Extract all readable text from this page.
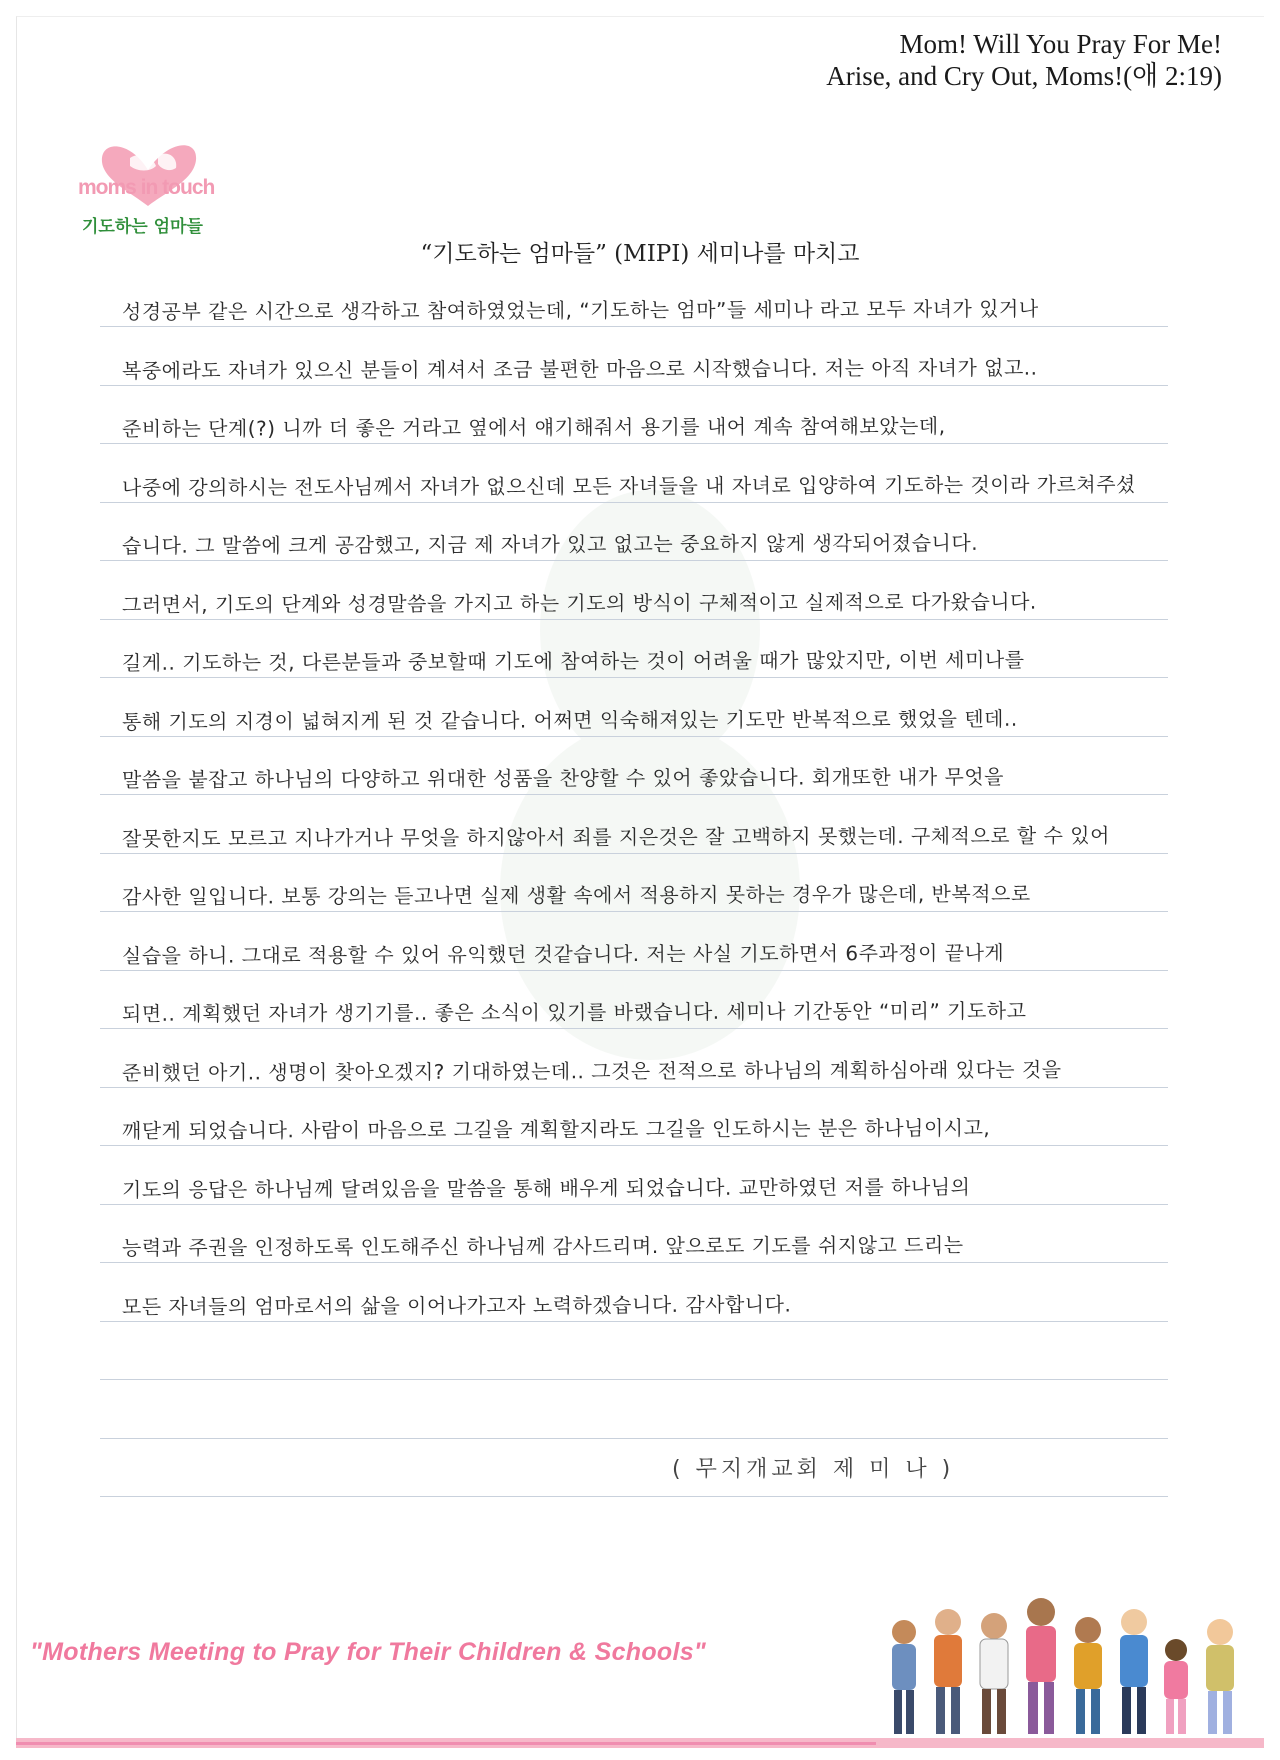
Mom! Will You Pray For Me!
Arise, and Cry Out, Moms!(애 2:19)
moms in touch
기도하는 엄마들
“기도하는 엄마들” (MIPI) 세미나를 마치고
성경공부 같은 시간으로 생각하고 참여하였었는데, “기도하는 엄마”들 세미나 라고 모두 자녀가 있거나
복중에라도 자녀가 있으신 분들이 계셔서 조금 불편한 마음으로 시작했습니다. 저는 아직 자녀가 없고..
준비하는 단계(?) 니까 더 좋은 거라고 옆에서 얘기해줘서 용기를 내어 계속 참여해보았는데,
나중에 강의하시는 전도사님께서 자녀가 없으신데 모든 자녀들을 내 자녀로 입양하여 기도하는 것이라 가르쳐주셨
습니다. 그 말씀에 크게 공감했고, 지금 제 자녀가 있고 없고는 중요하지 않게 생각되어졌습니다.
그러면서, 기도의 단계와 성경말씀을 가지고 하는 기도의 방식이 구체적이고 실제적으로 다가왔습니다.
길게.. 기도하는 것, 다른분들과 중보할때 기도에 참여하는 것이 어려울 때가 많았지만, 이번 세미나를
통해 기도의 지경이 넓혀지게 된 것 같습니다. 어쩌면 익숙해져있는 기도만 반복적으로 했었을 텐데..
말씀을 붙잡고 하나님의 다양하고 위대한 성품을 찬양할 수 있어 좋았습니다. 회개또한 내가 무엇을
잘못한지도 모르고 지나가거나 무엇을 하지않아서 죄를 지은것은 잘 고백하지 못했는데. 구체적으로 할 수 있어
감사한 일입니다. 보통 강의는 듣고나면 실제 생활 속에서 적용하지 못하는 경우가 많은데, 반복적으로
실습을 하니. 그대로 적용할 수 있어 유익했던 것같습니다. 저는 사실 기도하면서 6주과정이 끝나게
되면.. 계획했던 자녀가 생기기를.. 좋은 소식이 있기를 바랬습니다. 세미나 기간동안 “미리” 기도하고
준비했던 아기.. 생명이 찾아오겠지? 기대하였는데.. 그것은 전적으로 하나님의 계획하심아래 있다는 것을
깨닫게 되었습니다. 사람이 마음으로 그길을 계획할지라도 그길을 인도하시는 분은 하나님이시고,
기도의 응답은 하나님께 달려있음을 말씀을 통해 배우게 되었습니다. 교만하였던 저를 하나님의
능력과 주권을 인정하도록 인도해주신 하나님께 감사드리며. 앞으로도 기도를 쉬지않고 드리는
모든 자녀들의 엄마로서의 삶을 이어나가고자 노력하겠습니다. 감사합니다.
( 무지개교회 제 미 나 )
"Mothers Meeting to Pray for Their Children & Schools"
